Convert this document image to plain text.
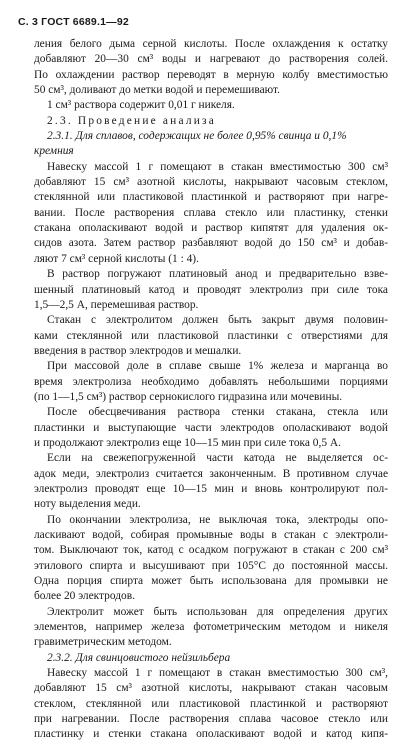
С. 3 ГОСТ 6689.1—92
ления белого дыма серной кислоты. После охлаждения к остатку
добавляют 20—30 см³ воды и нагревают до растворения солей.
По охлаждении раствор переводят в мерную колбу вместимостью
50 см³, доливают до метки водой и перемешивают.
1 см³ раствора содержит 0,01 г никеля.
2.3. Проведение анализа
2.3.1. Для сплавов, содержащих не более 0,95% свинца и 0,1%
кремния
Навеску массой 1 г помещают в стакан вместимостью 300 см³
добавляют 15 см³ азотной кислоты, накрывают часовым стеклом,
стеклянной или пластиковой пластинкой и растворяют при нагре-
вании. После растворения сплава стекло или пластинку, стенки
стакана ополаскивают водой и раствор кипятят для удаления ок-
сидов азота. Затем раствор разбавляют водой до 150 см³ и добав-
ляют 7 см³ серной кислоты (1 : 4).
В раствор погружают платиновый анод и предварительно взве-
шенный платиновый катод и проводят электролиз при силе тока
1,5—2,5 А, перемешивая раствор.
Стакан с электролитом должен быть закрыт двумя половин-
ками стеклянной или пластиковой пластинки с отверстиями для
введения в раствор электродов и мешалки.
При массовой доле в сплаве свыше 1% железа и марганца во
время электролиза необходимо добавлять небольшими порциями
(по 1—1,5 см³) раствор сернокислого гидразина или мочевины.
После обесцвечивания раствора стенки стакана, стекла или
пластинки и выступающие части электродов ополаскивают водой
и продолжают электролиз еще 10—15 мин при силе тока 0,5 А.
Если на свежепогруженной части катода не выделяется ос-
адок меди, электролиз считается законченным. В противном случае
электролиз проводят еще 10—15 мин и вновь контролируют пол-
ноту выделения меди.
По окончании электролиза, не выключая тока, электроды опо-
ласкивают водой, собирая промывные воды в стакан с электроли-
том. Выключают ток, катод с осадком погружают в стакан с 200 см³
этилового спирта и высушивают при 105°С до постоянной массы.
Одна порция спирта может быть использована для промывки не
более 20 электродов.
Электролит может быть использован для определения других
элементов, например железа фотометрическим методом и никеля
гравиметрическим методом.
2.3.2. Для свинцовистого нейзильбера
Навеску массой 1 г помещают в стакан вместимостью 300 см³,
добавляют 15 см³ азотной кислоты, накрывают стакан часовым
стеклом, стеклянной или пластиковой пластинкой и растворяют
при нагревании. После растворения сплава часовое стекло или
пластинку и стенки стакана ополаскивают водой и катод кипя-
